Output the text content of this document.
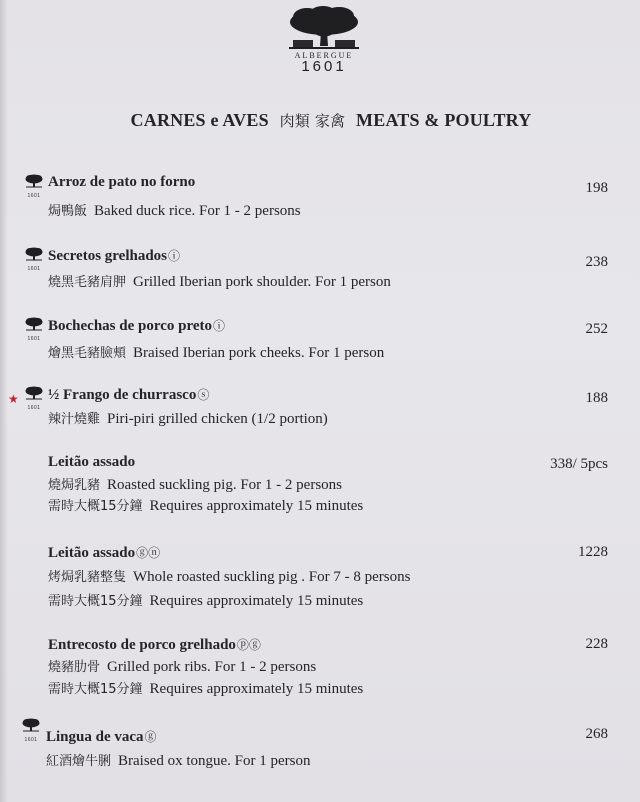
ALBERGUE
1601
CARNES e AVES 肉類 家禽 MEATS & POULTRY
1601
Arroz de pato no forno	198
焗鴨飯 Baked duck rice. For 1 - 2 persons
1601
Secretos grelhadosⓘ	238
燒黑毛豬肩胛 Grilled Iberian pork shoulder. For 1 person
1601
Bochechas de porco pretoⓘ	252
燴黑毛豬臉頰 Braised Iberian pork cheeks. For 1 person
★
1601
½ Frango de churrascoⓢ	188
辣汁燒雞 Piri-piri grilled chicken (1/2 portion)
Leitão assado	338/ 5pcs
燒焗乳豬 Roasted suckling pig. For 1 - 2 persons
需時大概15分鐘 Requires approximately 15 minutes
Leitão assadoⓖⓝ	1228
烤焗乳豬整隻 Whole roasted suckling pig . For 7 - 8 persons
需時大概15分鐘 Requires approximately 15 minutes
Entrecosto de porco grelhadoⓟⓖ	228
燒豬肋骨 Grilled pork ribs. For 1 - 2 persons
需時大概15分鐘 Requires approximately 15 minutes
1601 Lingua de vacaⓖ	268
紅酒燴牛脷 Braised ox tongue. For 1 person
